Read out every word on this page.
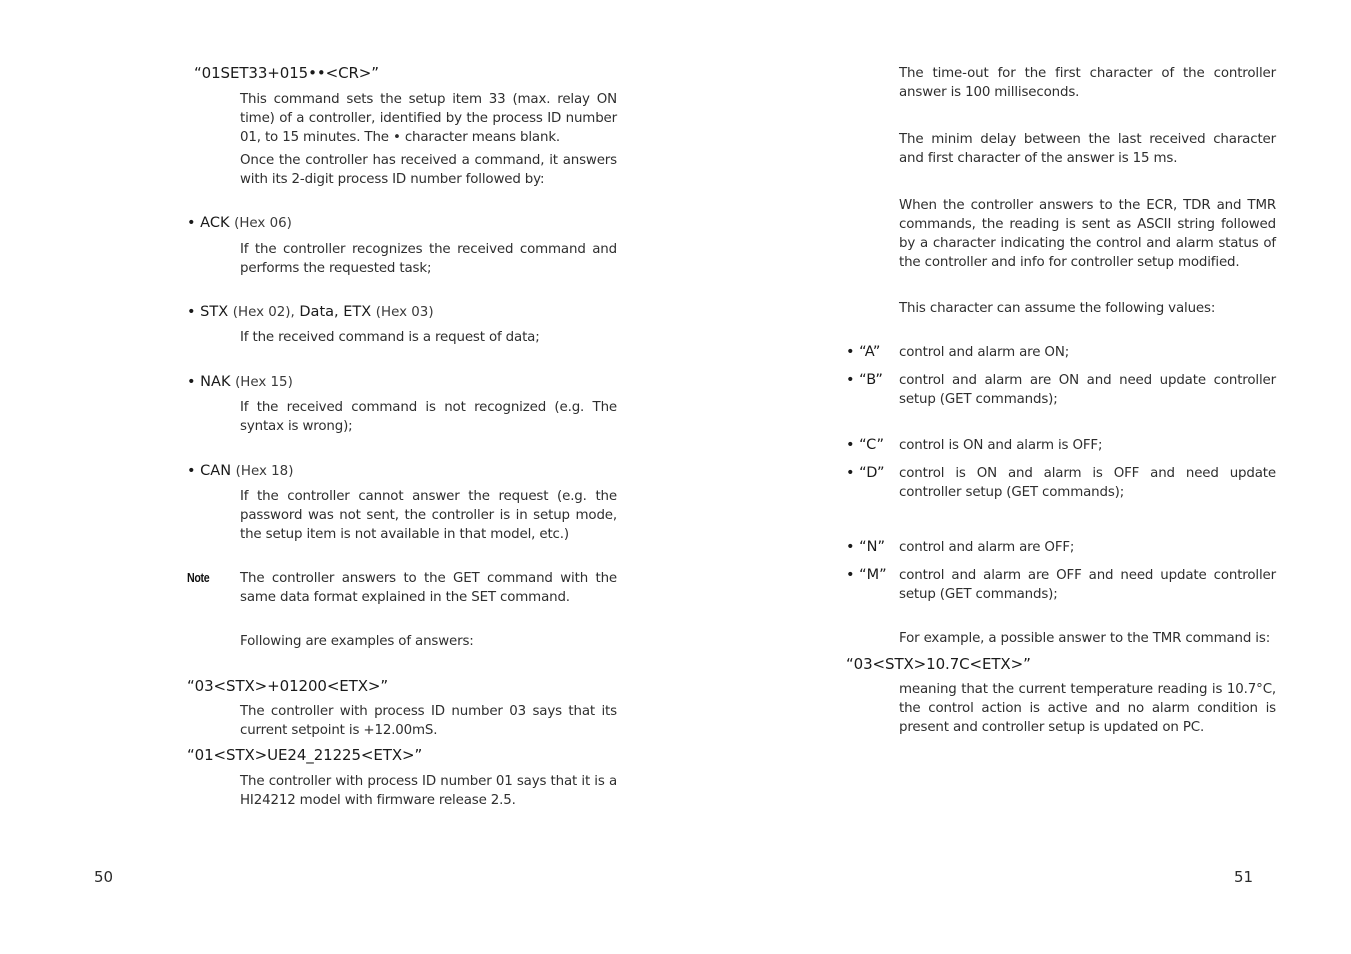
“01SET33+015••<CR>”

This command sets the setup item 33 (max. relay ON time) of a controller, identified by the process ID number 01, to 15 minutes. The • character means blank.

Once the controller has received a command, it answers with its 2-digit process ID number followed by:

• ACK (Hex 06)

If the controller recognizes the received command and performs the requested task;

• STX (Hex 02), Data, ETX (Hex 03)

If the received command is a request of data;

• NAK (Hex 15)

If the received command is not recognized (e.g. The syntax is wrong);

• CAN (Hex 18)

If the controller cannot answer the request (e.g. the password was not sent, the controller is in setup mode, the setup item is not available in that model, etc.)

Note The controller answers to the GET command with the same data format explained in the SET command.

Following are examples of answers:

“03<STX>+01200<ETX>”

The controller with process ID number 03 says that its current setpoint is +12.00mS.

“01<STX>UE24_21225<ETX>”

The controller with process ID number 01 says that it is a HI24212 model with firmware release 2.5.

50

The time-out for the first character of the controller answer is 100 milliseconds.

The minim delay between the last received character and first character of the answer is 15 ms.

When the controller answers to the ECR, TDR and TMR commands, the reading is sent as ASCII string followed by a character indicating the control and alarm status of the controller and info for controller setup modified.

This character can assume the following values:

• “A” control and alarm are ON;

• “B” control and alarm are ON and need update controller setup (GET commands);

• “C” control is ON and alarm is OFF;

• “D” control is ON and alarm is OFF and need update controller setup (GET commands);

• “N” control and alarm are OFF;

• “M” control and alarm are OFF and need update controller setup (GET commands);

For example, a possible answer to the TMR command is:

“03<STX>10.7C<ETX>”

meaning that the current temperature reading is 10.7°C, the control action is active and no alarm condition is present and controller setup is updated on PC.

51
